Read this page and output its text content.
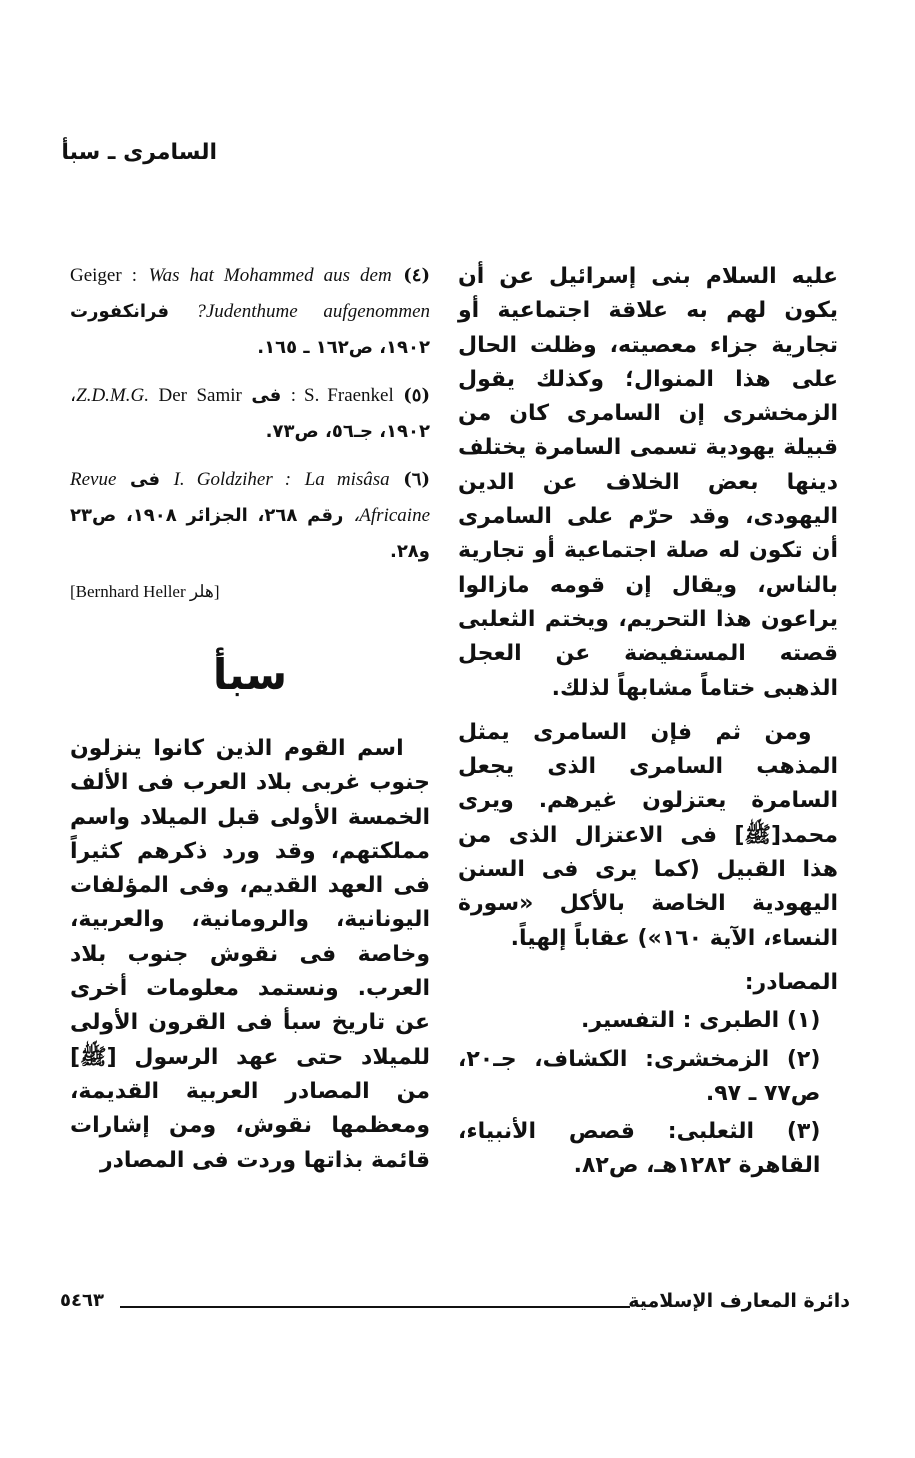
السامرى ـ سبأ

عليه السلام بنى إسرائيل عن أن يكون لهم به علاقة اجتماعية أو تجارية جزاء معصيته، وظلت الحال على هذا المنوال؛ وكذلك يقول الزمخشرى إن السامرى كان من قبيلة يهودية تسمى السامرة يختلف دينها بعض الخلاف عن الدين اليهودى، وقد حرّم على السامرى أن تكون له صلة اجتماعية أو تجارية بالناس، ويقال إن قومه مازالوا يراعون هذا التحريم، ويختم الثعلبى قصته المستفيضة عن العجل الذهبى ختاماً مشابهاً لذلك.

ومن ثم فإن السامرى يمثل المذهب السامرى الذى يجعل السامرة يعتزلون غيرهم. ويرى محمد[ﷺ] فى الاعتزال الذى من هذا القبيل (كما يرى فى السنن اليهودية الخاصة بالأكل «سورة النساء، الآية ١٦٠») عقاباً إلهياً.

المصادر:

(١) الطبرى : التفسير.

(٢) الزمخشرى: الكشاف، جـ٢٠، ص٧٧ ـ ٩٧.

(٣) الثعلبى: قصص الأنبياء، القاهرة ١٢٨٢هـ، ص٨٢.

(٤) Geiger : Was hat Mohammed aus dem Judenthume aufgenommen? فرانكفورت ١٩٠٢، ص١٦٢ ـ ١٦٥.

(٥) S. Fraenkel : فى Z.D.M.G. Der Samir، ١٩٠٢، جـ٥٦، ص٧٣.

(٦) I. Goldziher : La misâsa فى Revue Africaine، رقم ٢٦٨، الجزائر ١٩٠٨، ص٢٣ و٢٨.

[Bernhard Heller هلر]

سبأ

اسم القوم الذين كانوا ينزلون جنوب غربى بلاد العرب فى الألف الخمسة الأولى قبل الميلاد واسم مملكتهم، وقد ورد ذكرهم كثيراً فى العهد القديم، وفى المؤلفات اليونانية، والرومانية، والعربية، وخاصة فى نقوش جنوب بلاد العرب. ونستمد معلومات أخرى عن تاريخ سبأ فى القرون الأولى للميلاد حتى عهد الرسول [ﷺ] من المصادر العربية القديمة، ومعظمها نقوش، ومن إشارات قائمة بذاتها وردت فى المصادر

دائرة المعارف الإسلامية
٥٤٦٣
